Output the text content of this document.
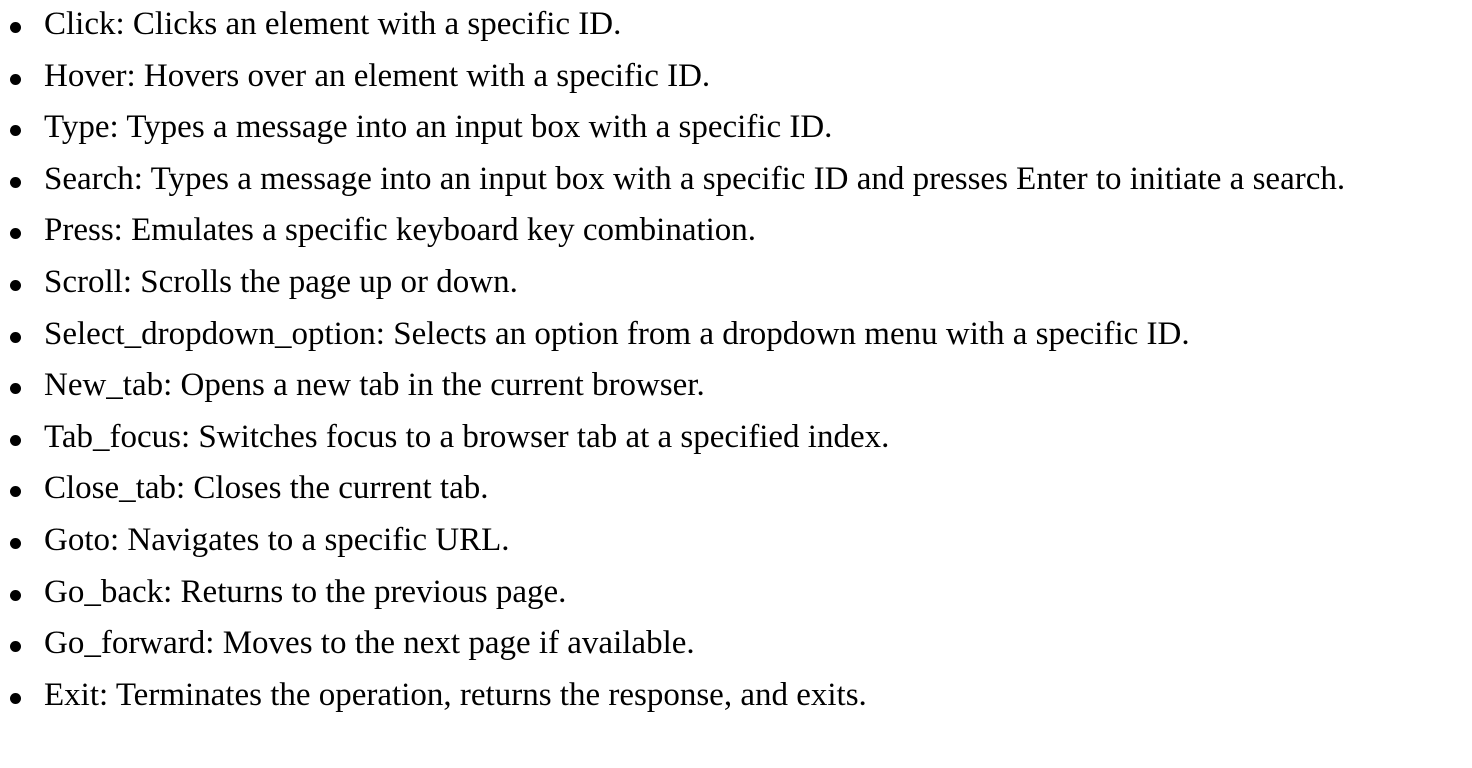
Click: Clicks an element with a specific ID.
Hover: Hovers over an element with a specific ID.
Type: Types a message into an input box with a specific ID.
Search: Types a message into an input box with a specific ID and presses Enter to initiate a search.
Press: Emulates a specific keyboard key combination.
Scroll: Scrolls the page up or down.
Select_dropdown_option: Selects an option from a dropdown menu with a specific ID.
New_tab: Opens a new tab in the current browser.
Tab_focus: Switches focus to a browser tab at a specified index.
Close_tab: Closes the current tab.
Goto: Navigates to a specific URL.
Go_back: Returns to the previous page.
Go_forward: Moves to the next page if available.
Exit: Terminates the operation, returns the response, and exits.
